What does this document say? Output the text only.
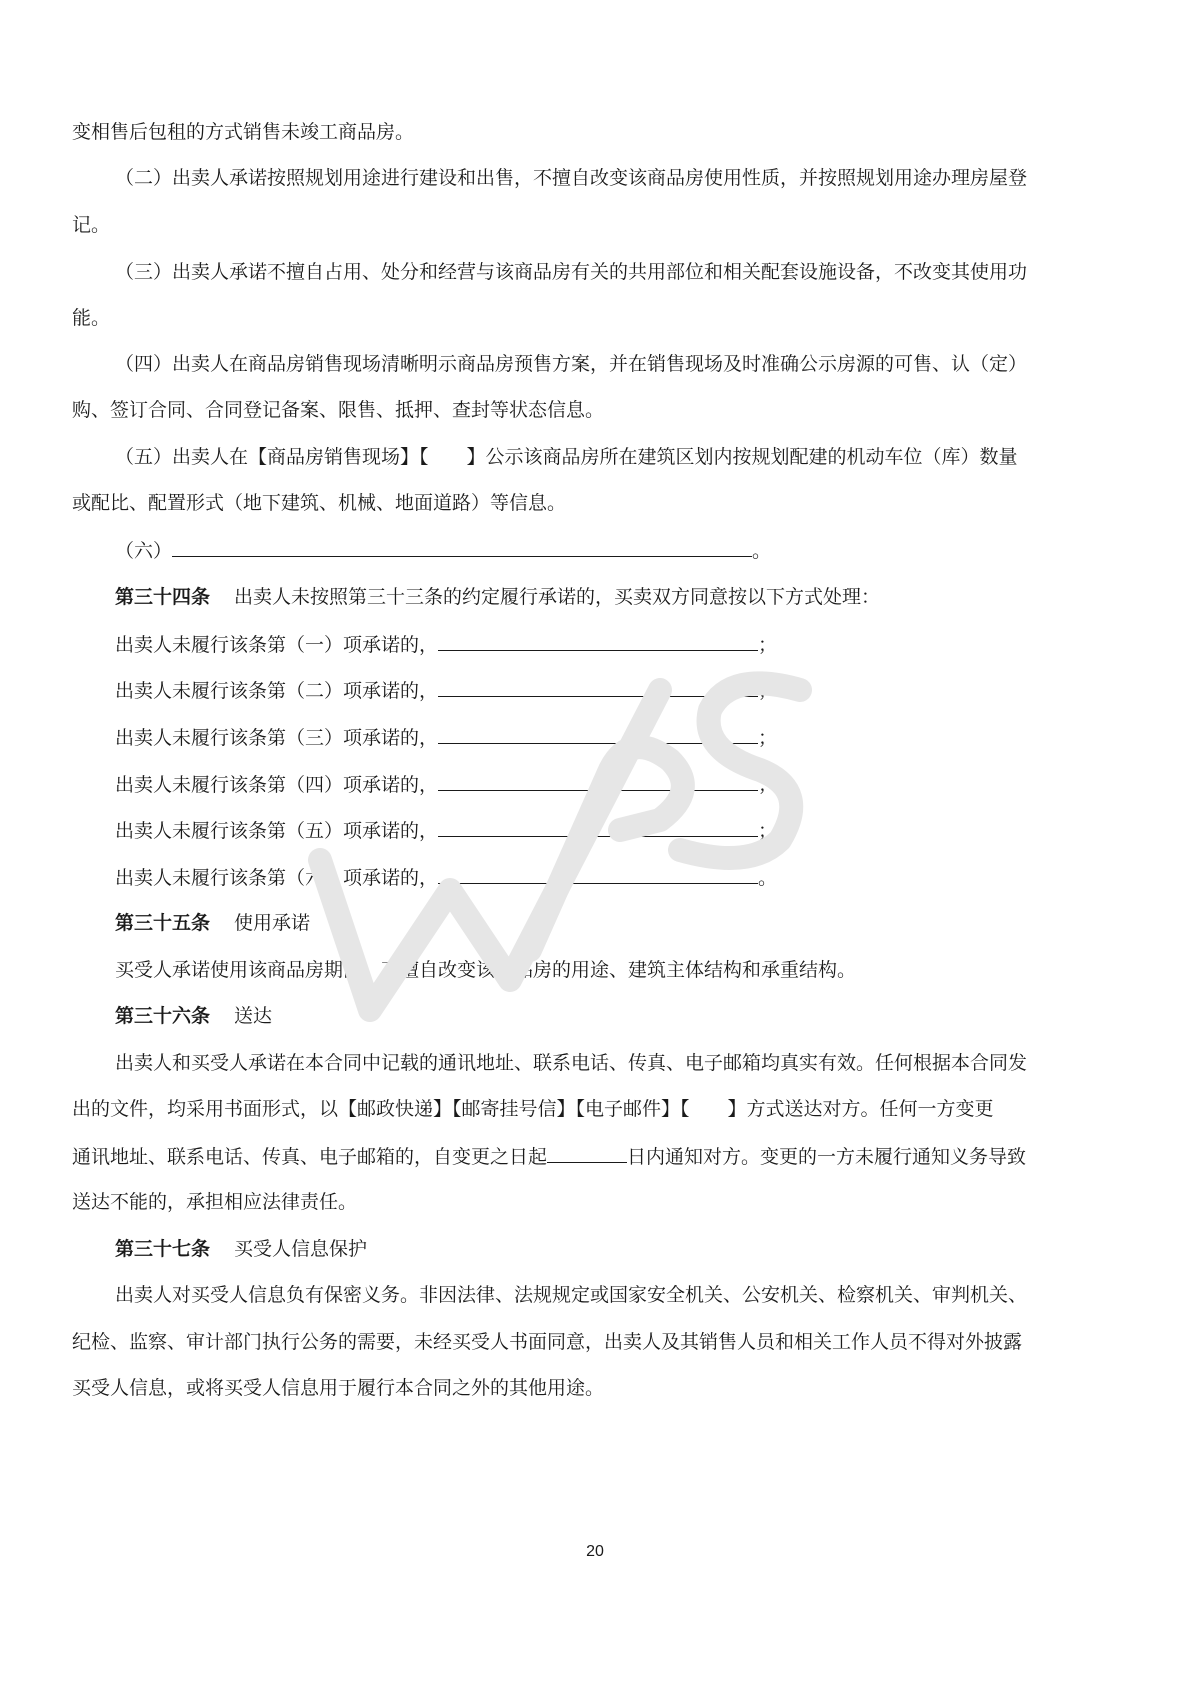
变相售后包租的方式销售未竣工商品房。
（二）出卖人承诺按照规划用途进行建设和出售，不擅自改变该商品房使用性质，并按照规划用途办理房屋登
记。
（三）出卖人承诺不擅自占用、处分和经营与该商品房有关的共用部位和相关配套设施设备，不改变其使用功
能。
（四）出卖人在商品房销售现场清晰明示商品房预售方案，并在销售现场及时准确公示房源的可售、认（定）
购、签订合同、合同登记备案、限售、抵押、查封等状态信息。
（五）出卖人在【商品房销售现场】【　　】公示该商品房所在建筑区划内按规划配建的机动车位（库）数量
或配比、配置形式（地下建筑、机械、地面道路）等信息。
（六）	。
第三十四条 出卖人未按照第三十三条的约定履行承诺的，买卖双方同意按以下方式处理：
出卖人未履行该条第（一）项承诺的，	；
出卖人未履行该条第（二）项承诺的，	；
出卖人未履行该条第（三）项承诺的，	；
出卖人未履行该条第（四）项承诺的，	；
出卖人未履行该条第（五）项承诺的，	；
出卖人未履行该条第（六）项承诺的，	。
第三十五条 使用承诺
买受人承诺使用该商品房期间，不擅自改变该商品房的用途、建筑主体结构和承重结构。
第三十六条 送达
出卖人和买受人承诺在本合同中记载的通讯地址、联系电话、传真、电子邮箱均真实有效。任何根据本合同发
出的文件，均采用书面形式，以【邮政快递】【邮寄挂号信】【电子邮件】【　　】方式送达对方。任何一方变更
通讯地址、联系电话、传真、电子邮箱的，自变更之日起	日内通知对方。变更的一方未履行通知义务导致
送达不能的，承担相应法律责任。
第三十七条 买受人信息保护
出卖人对买受人信息负有保密义务。非因法律、法规规定或国家安全机关、公安机关、检察机关、审判机关、
纪检、监察、审计部门执行公务的需要，未经买受人书面同意，出卖人及其销售人员和相关工作人员不得对外披露
买受人信息，或将买受人信息用于履行本合同之外的其他用途。
20
